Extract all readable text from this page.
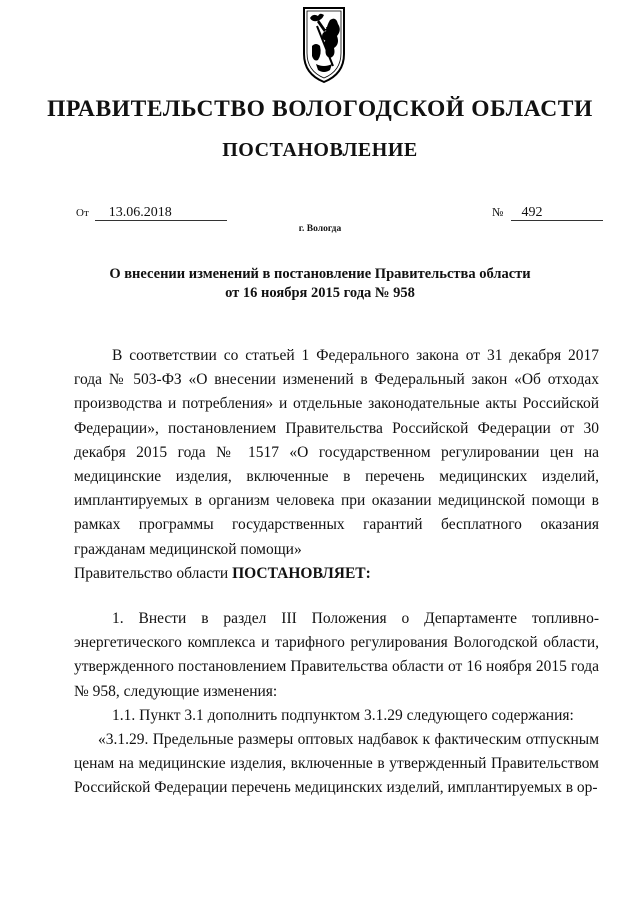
ПРАВИТЕЛЬСТВО ВОЛОГОДСКОЙ ОБЛАСТИ
ПОСТАНОВЛЕНИЕ
От 13.06.2018	№ 492
г. Вологда
О внесении изменений в постановление Правительства области
от 16 ноября 2015 года № 958

В соответствии со статьей 1 Федерального закона от 31 декабря 2017 года № 503-ФЗ «О внесении изменений в Федеральный закон «Об отходах производства и потребления» и отдельные законодательные акты Российской Федерации», постановлением Правительства Российской Федерации от 30 декабря 2015 года № 1517 «О государственном регулировании цен на медицинские изделия, включенные в перечень медицинских изделий, имплантируемых в организм человека при оказании медицинской помощи в рамках программы государственных гарантий бесплатного оказания гражданам медицинской помощи»

Правительство области ПОСТАНОВЛЯЕТ:

1. Внести в раздел III Положения о Департаменте топливно-энергетического комплекса и тарифного регулирования Вологодской области, утвержденного постановлением Правительства области от 16 ноября 2015 года № 958, следующие изменения:

1.1. Пункт 3.1 дополнить подпунктом 3.1.29 следующего содержания:

«3.1.29. Предельные размеры оптовых надбавок к фактическим отпускным ценам на медицинские изделия, включенные в утвержденный Правительством Российской Федерации перечень медицинских изделий, имплантируемых в ор-
